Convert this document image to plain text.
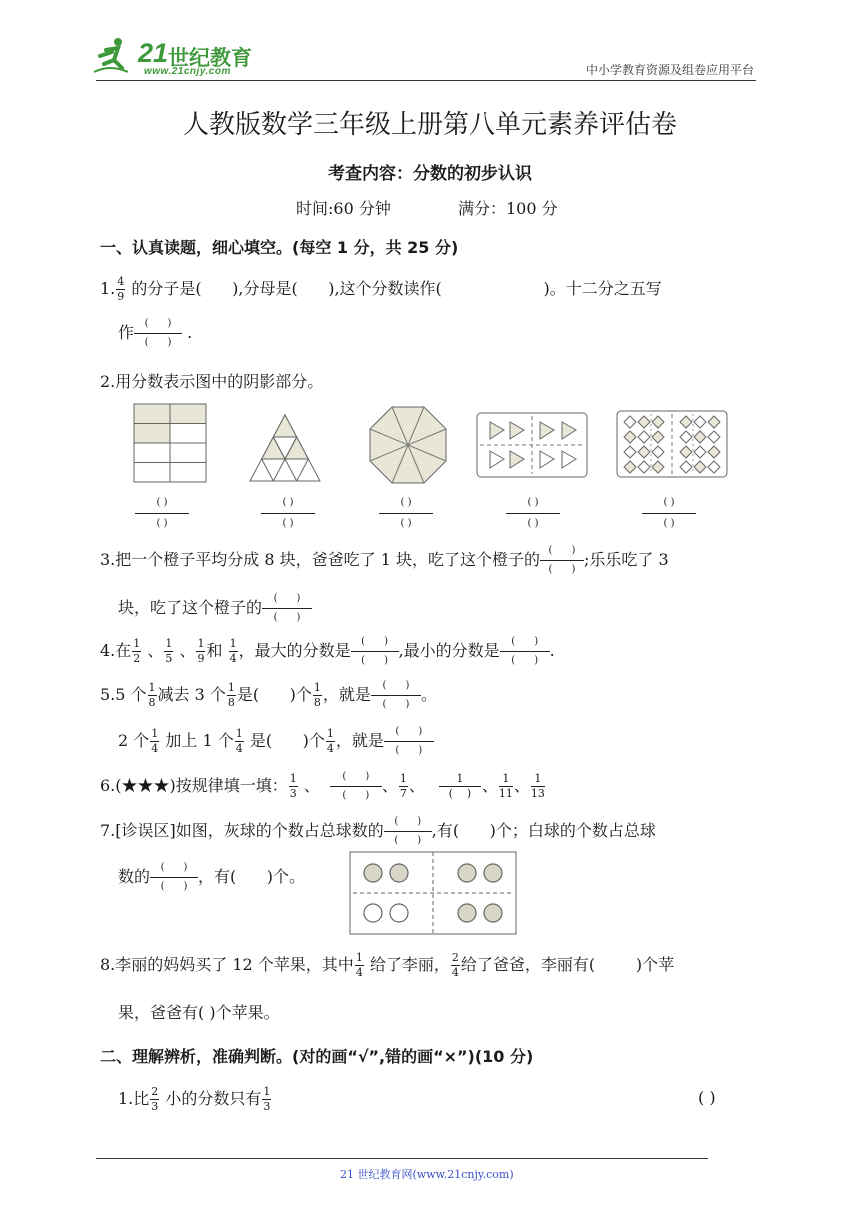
21 世纪教育
www.21cnjy.com	中小学教育资源及组卷应用平台
人教版数学三年级上册第八单元素养评估卷
考查内容：分数的初步认识
时间:60 分钟	满分：100 分
一、认真读题，细心填空。(每空 1 分，共 25 分)
1. $\frac{4}{9}$ 的分子是(      ),分母是(      ),这个分数读作(                    )。十二分之五写
作	(      )
(      )
.
2.用分数表示图中的阴影部分。
( )
( )
( )
( )
( )
( )
( )
( )
( )
( )
3.把一个橙子平均分成 8 块，爸爸吃了 1 块，吃了这个橙子的 (      )
(      )
;乐乐吃了 3
块，吃了这个橙子的	(      )
(      )
4.在 $\frac{1}{2}$ 、 $\frac{1}{5}$ 、 $\frac{1}{9}$ 和 $\frac{1}{4}$ ，最大的分数是	(      )
(      )
,最小的分数是	(      )
(      )
.
5.5 个 $\frac{1}{8}$ 减去 3 个 $\frac{1}{8}$ 是(      )个 $\frac{1}{8}$ ，就是	(      )
(      )
。
2 个 $\frac{1}{4}$ 加上 1 个 $\frac{1}{4}$ 是(      )个 $\frac{1}{4}$ ，就是	(      )
(      )
6.(★★★)按规律填一填： $\frac{1}{3}$ 、	(      )
(      )
、 $\frac{1}{7}$ 、 $\frac{1}{( )}$ 、 $\frac{1}{11}$ 、 $\frac{1}{13}$
7.[诊误区]如图，灰球的个数占总球数的	(      )
(      )
,有(      )个；白球的个数占总球
数的	(      )
(      )
，有(      )个。
8.李丽的妈妈买了 12 个苹果，其中 $\frac{1}{4}$ 给了李丽， $\frac{2}{4}$ 给了爸爸，李丽有(        )个苹
果，爸爸有( )个苹果。
二、理解辨析，准确判断。(对的画“√”,错的画“×”)(10 分)
1.比 $\frac{2}{3}$ 小的分数只有 $\frac{1}{3}$	( )
21 世纪教育网(www.21cnjy.com)
